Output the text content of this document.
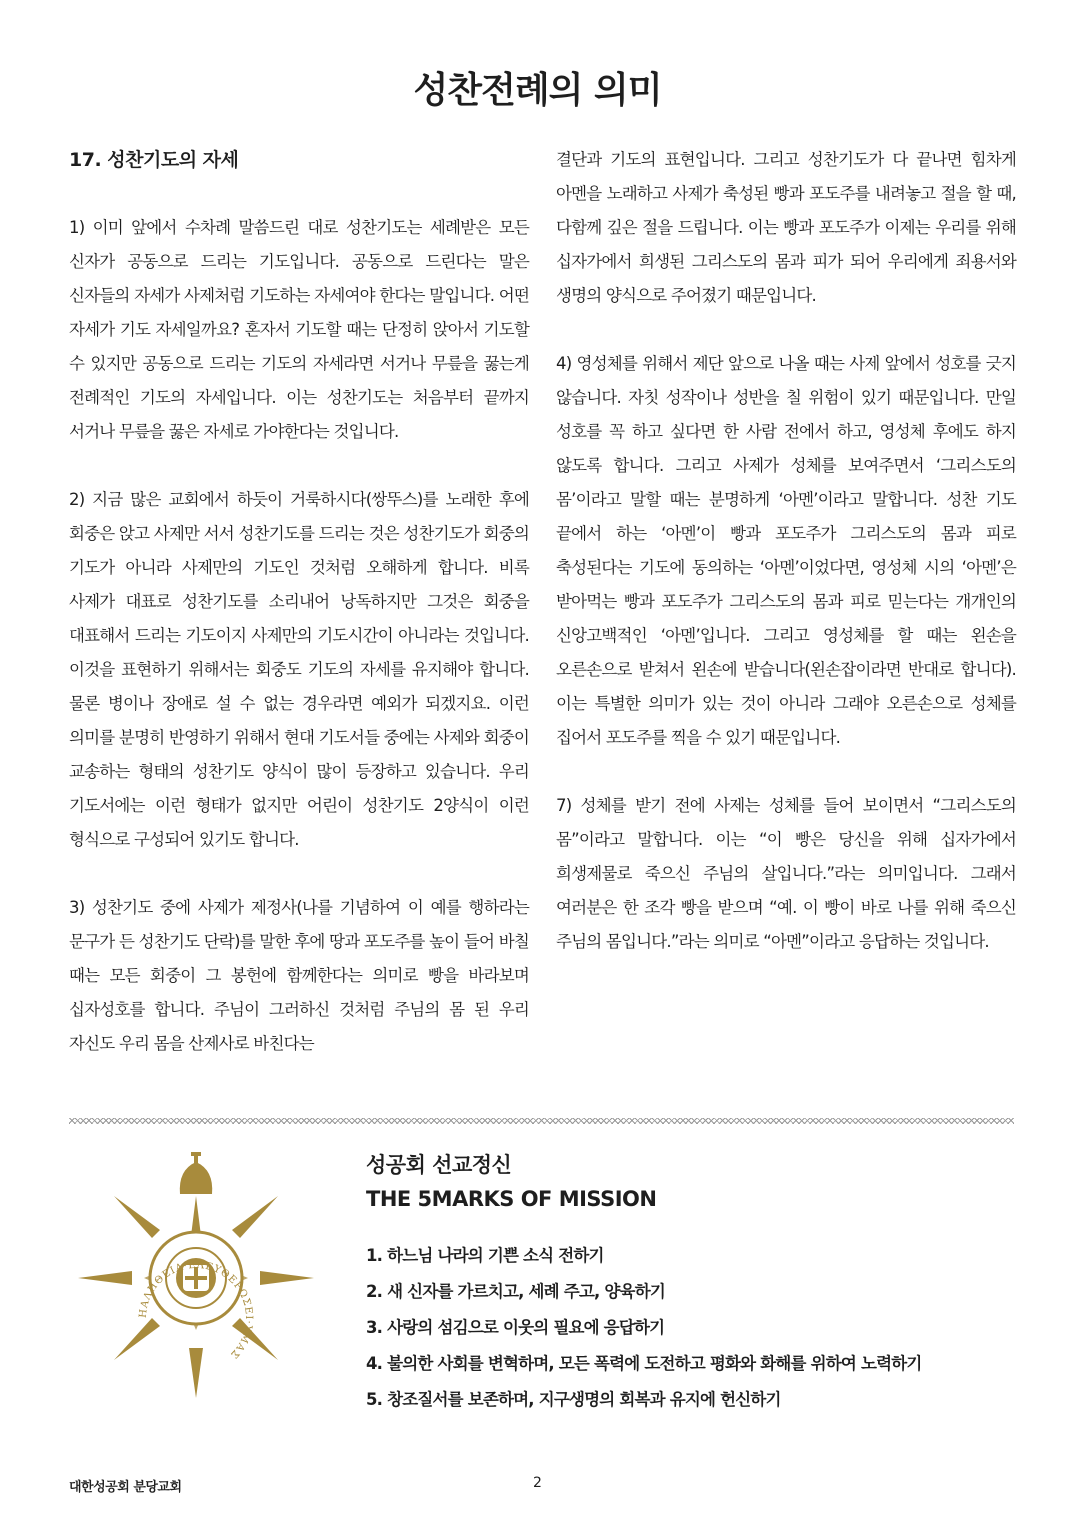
성찬전례의 의미

17. 성찬기도의 자세

1) 이미 앞에서 수차례 말씀드린 대로 성찬기도는 세례받은 모든 신자가 공동으로 드리는 기도입니다. 공동으로 드린다는 말은 신자들의 자세가 사제처럼 기도하는 자세여야 한다는 말입니다. 어떤 자세가 기도 자세일까요? 혼자서 기도할 때는 단정히 앉아서 기도할 수 있지만 공동으로 드리는 기도의 자세라면 서거나 무릎을 꿇는게 전례적인 기도의 자세입니다. 이는 성찬기도는 처음부터 끝까지 서거나 무릎을 꿇은 자세로 가야한다는 것입니다.

2) 지금 많은 교회에서 하듯이 거룩하시다(쌍뚜스)를 노래한 후에 회중은 앉고 사제만 서서 성찬기도를 드리는 것은 성찬기도가 회중의 기도가 아니라 사제만의 기도인 것처럼 오해하게 합니다. 비록 사제가 대표로 성찬기도를 소리내어 낭독하지만 그것은 회중을 대표해서 드리는 기도이지 사제만의 기도시간이 아니라는 것입니다. 이것을 표현하기 위해서는 회중도 기도의 자세를 유지해야 합니다. 물론 병이나 장애로 설 수 없는 경우라면 예외가 되겠지요. 이런 의미를 분명히 반영하기 위해서 현대 기도서들 중에는 사제와 회중이 교송하는 형태의 성찬기도 양식이 많이 등장하고 있습니다. 우리 기도서에는 이런 형태가 없지만 어린이 성찬기도 2양식이 이런 형식으로 구성되어 있기도 합니다.

3) 성찬기도 중에 사제가 제정사(나를 기념하여 이 예를 행하라는 문구가 든 성찬기도 단락)를 말한 후에 땅과 포도주를 높이 들어 바칠 때는 모든 회중이 그 봉헌에 함께한다는 의미로 빵을 바라보며 십자성호를 합니다. 주님이 그러하신 것처럼 주님의 몸 된 우리 자신도 우리 몸을 산제사로 바친다는

결단과 기도의 표현입니다. 그리고 성찬기도가 다 끝나면 힘차게 아멘을 노래하고 사제가 축성된 빵과 포도주를 내려놓고 절을 할 때, 다함께 깊은 절을 드립니다. 이는 빵과 포도주가 이제는 우리를 위해 십자가에서 희생된 그리스도의 몸과 피가 되어 우리에게 죄용서와 생명의 양식으로 주어졌기 때문입니다.

4) 영성체를 위해서 제단 앞으로 나올 때는 사제 앞에서 성호를 긋지 않습니다. 자칫 성작이나 성반을 칠 위험이 있기 때문입니다. 만일 성호를 꼭 하고 싶다면 한 사람 전에서 하고, 영성체 후에도 하지 않도록 합니다. 그리고 사제가 성체를 보여주면서 ‘그리스도의 몸’이라고 말할 때는 분명하게 ‘아멘’이라고 말합니다. 성찬 기도 끝에서 하는 ‘아멘’이 빵과 포도주가 그리스도의 몸과 피로 축성된다는 기도에 동의하는 ‘아멘’이었다면, 영성체 시의 ‘아멘’은 받아먹는 빵과 포도주가 그리스도의 몸과 피로 믿는다는 개개인의 신앙고백적인 ‘아멘’입니다. 그리고 영성체를 할 때는 왼손을 오른손으로 받쳐서 왼손에 받습니다(왼손잡이라면 반대로 합니다). 이는 특별한 의미가 있는 것이 아니라 그래야 오른손으로 성체를 집어서 포도주를 찍을 수 있기 때문입니다.

7) 성체를 받기 전에 사제는 성체를 들어 보이면서 “그리스도의 몸”이라고 말합니다. 이는 “이 빵은 당신을 위해 십자가에서 희생제물로 죽으신 주님의 살입니다.”라는 의미입니다. 그래서 여러분은 한 조각 빵을 받으며 “예. 이 빵이 바로 나를 위해 죽으신 주님의 몸입니다.”라는 의미로 “아멘”이라고 응답하는 것입니다.

ΗΑΛΗΘΕΙΑ·ΕΛΕΥΘΕΡΩΣΕΙ·ΥΜΑΣ

성공회 선교정신

THE 5MARKS OF MISSION

1. 하느님 나라의 기쁜 소식 전하기
2. 새 신자를 가르치고, 세례 주고, 양육하기
3. 사랑의 섬김으로 이웃의 필요에 응답하기
4. 불의한 사회를 변혁하며, 모든 폭력에 도전하고 평화와 화해를 위하여 노력하기
5. 창조질서를 보존하며, 지구생명의 회복과 유지에 헌신하기
대한성공회 분당교회	2
